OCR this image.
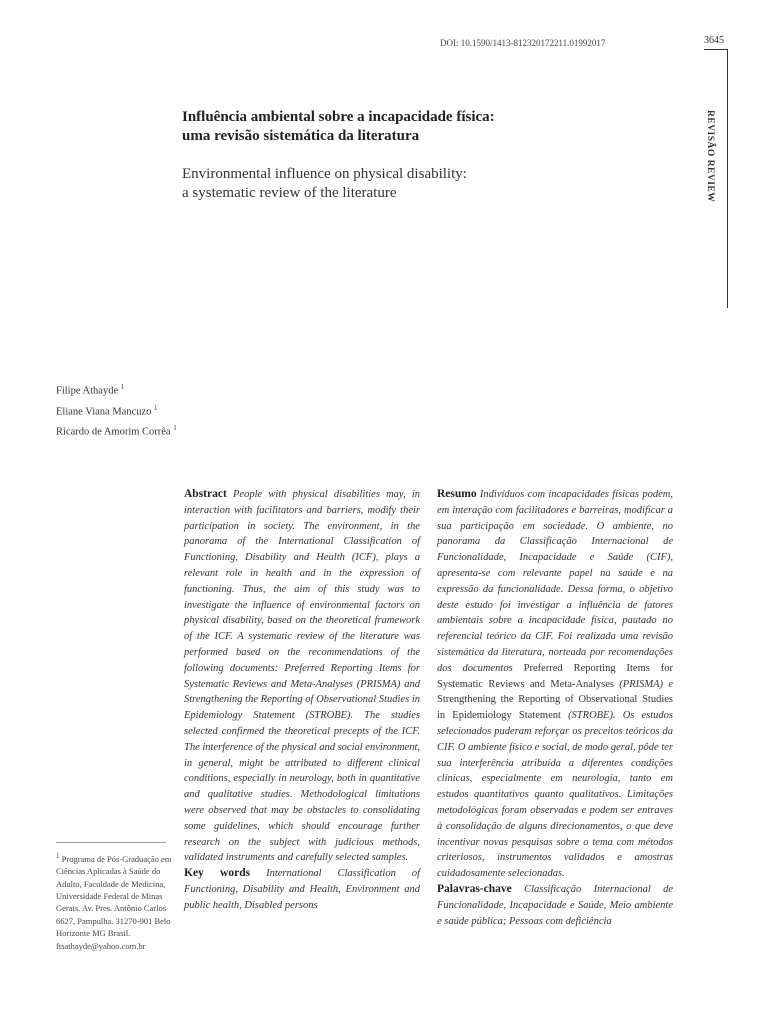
DOI: 10.1590/1413-812320172211.01992017	3645
REVISÃO REVIEW
Influência ambiental sobre a incapacidade física:
uma revisão sistemática da literatura
Environmental influence on physical disability:
a systematic review of the literature
Filipe Athayde $^1$
Eliane Viana Mancuzo $^1$
Ricardo de Amorim Corrêa $^1$

Abstract People with physical disabilities may, in interaction with facilitators and barriers, modify their participation in society. The environment, in the panorama of the International Classification of Functioning, Disability and Health (ICF), plays a relevant role in health and in the expression of functioning. Thus, the aim of this study was to investigate the influence of environmental factors on physical disability, based on the theoretical framework of the ICF. A systematic review of the literature was performed based on the recommendations of the following documents: Preferred Reporting Items for Systematic Reviews and Meta-Analyses (PRISMA) and Strengthening the Reporting of Observational Studies in Epidemiology Statement (STROBE). The studies selected confirmed the theoretical precepts of the ICF. The interference of the physical and social environment, in general, might be attributed to different clinical conditions, especially in neurology, both in quantitative and qualitative studies. Methodological limitations were observed that may be obstacles to consolidating some guidelines, which should encourage further research on the subject with judicious methods, validated instruments and carefully selected samples.

Key words International Classification of Functioning, Disability and Health, Environment and public health, Disabled persons

Resumo Indivíduos com incapacidades físicas podem, em interação com facilitadores e barreiras, modificar a sua participação em sociedade. O ambiente, no panorama da Classificação Internacional de Funcionalidade, Incapacidade e Saúde (CIF), apresenta-se com relevante papel na saúde e na expressão da funcionalidade. Dessa forma, o objetivo deste estudo foi investigar a influência de fatores ambientais sobre a incapacidade física, pautado no referencial teórico da CIF. Foi realizada uma revisão sistemática da literatura, norteada por recomendações dos documentos Preferred Reporting Items for Systematic Reviews and Meta-Analyses (PRISMA) e Strengthening the Reporting of Observational Studies in Epidemiology Statement (STROBE). Os estudos selecionados puderam reforçar os preceitos teóricos da CIF. O ambiente físico e social, de modo geral, pôde ter sua interferência atribuída a diferentes condições clínicas, especialmente em neurologia, tanto em estudos quantitativos quanto qualitativos. Limitações metodológicas foram observadas e podem ser entraves à consolidação de alguns direcionamentos, o que deve incentivar novas pesquisas sobre o tema com métodos criteriosos, instrumentos validados e amostras cuidadosamente selecionadas.

Palavras-chave Classificação Internacional de Funcionalidade, Incapacidade e Saúde, Meio ambiente e saúde pública; Pessoas com deficiência

$^1$ Programa de Pós-Graduação em Ciências Aplicadas à Saúde do Adulto, Faculdade de Medicina, Universidade Federal de Minas Gerais. Av. Pres. Antônio Carlos 6627, Pampulha. 31270-901 Belo Horizonte MG Brasil.
ftsathayde@yahoo.com.br
